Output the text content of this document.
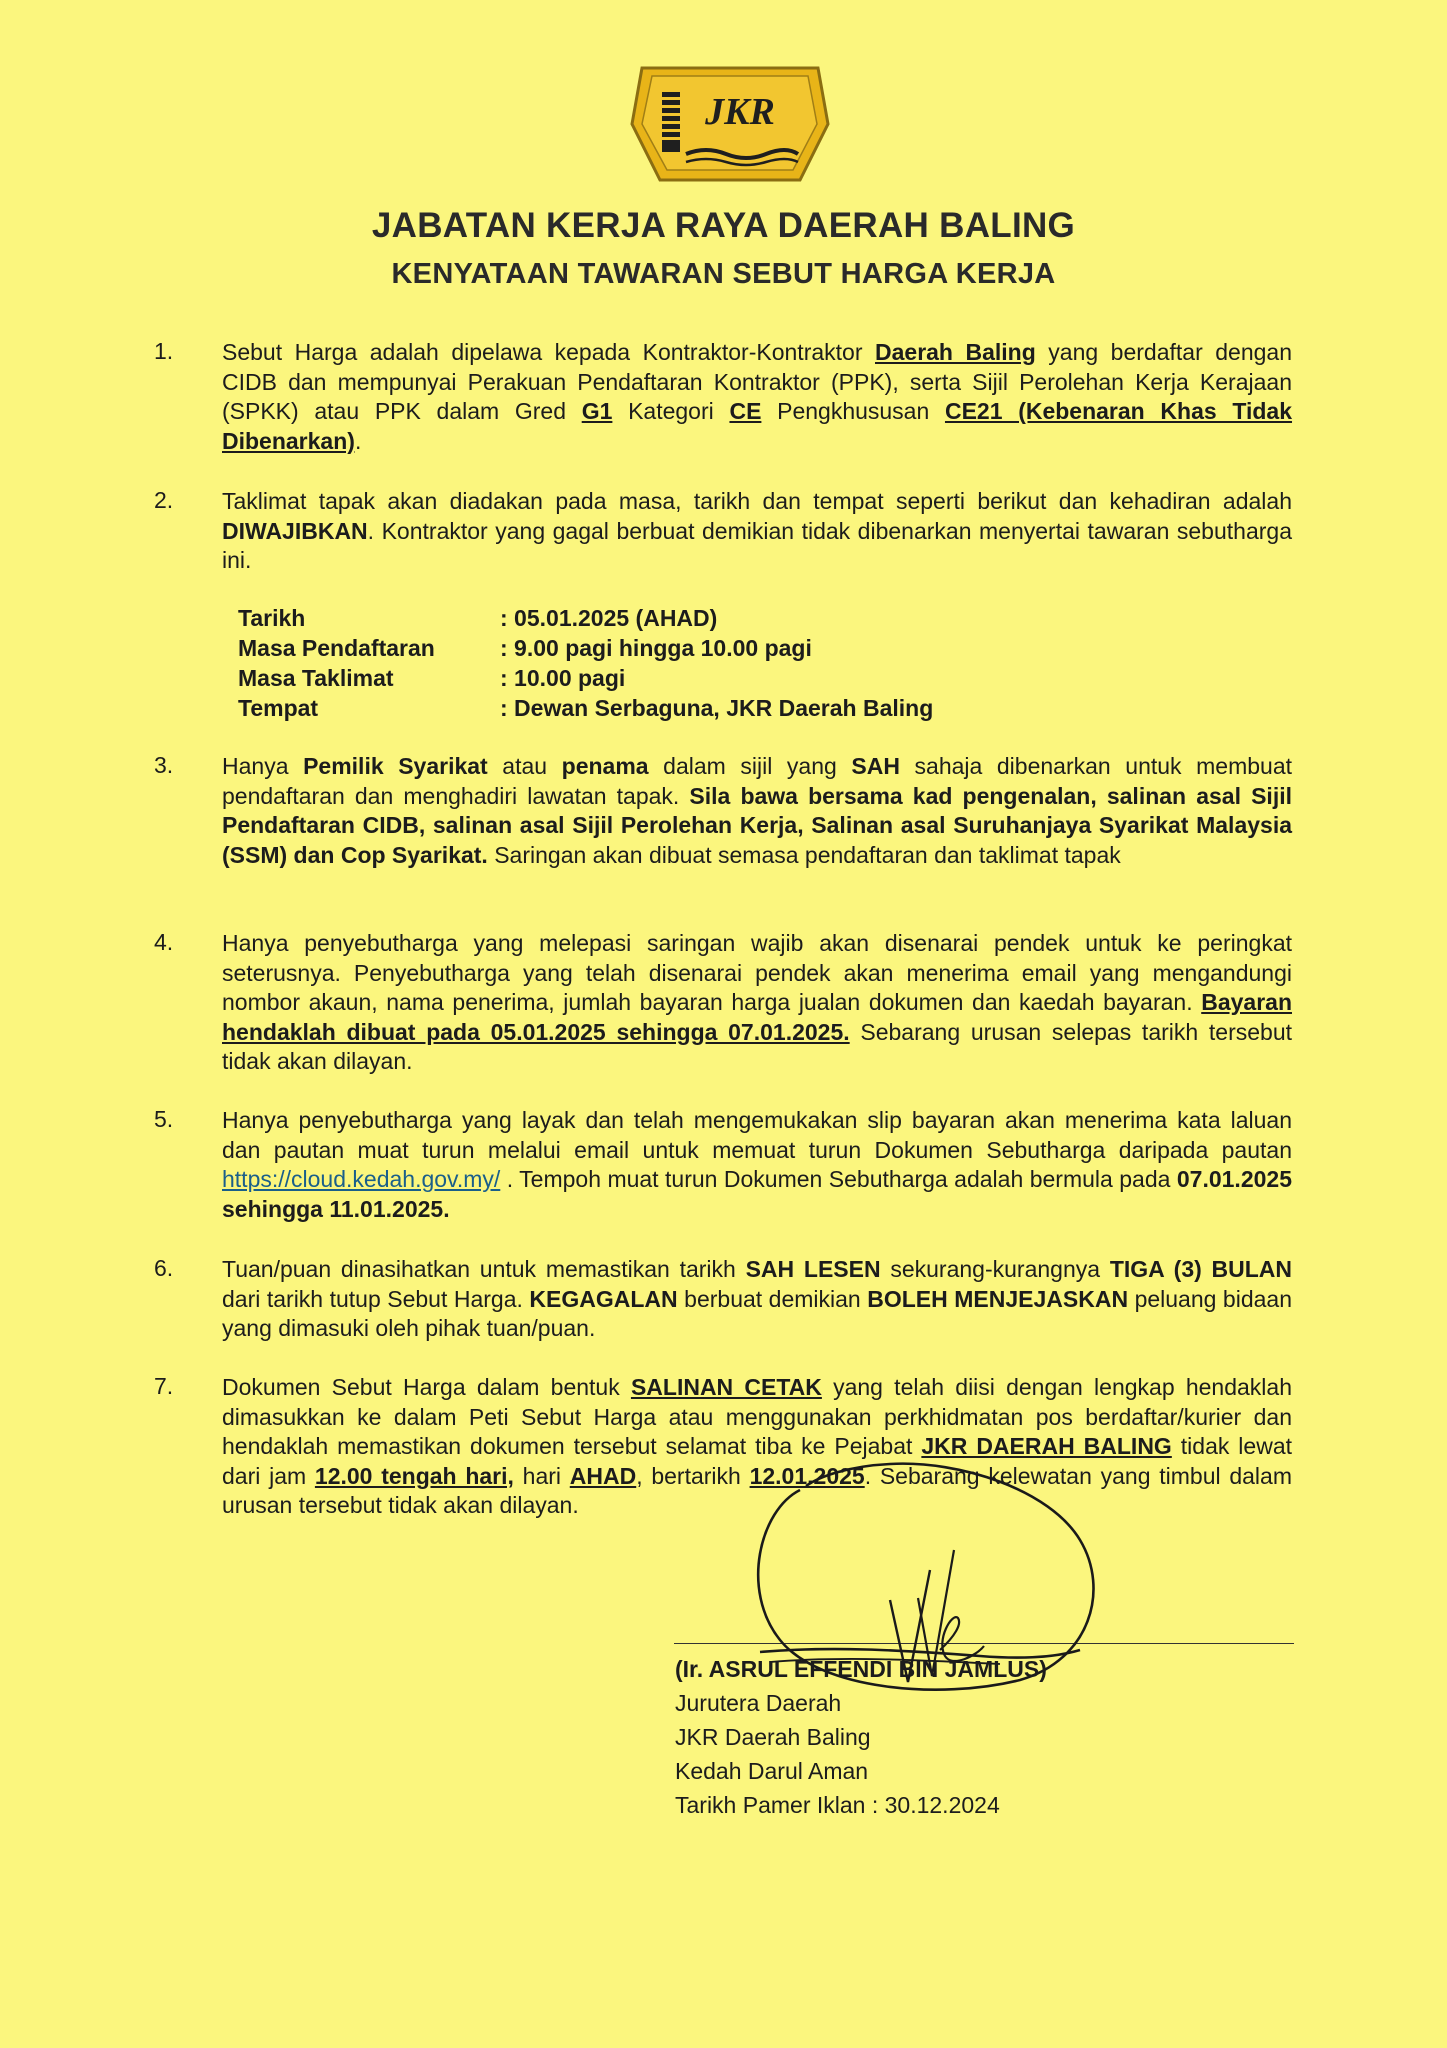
JKR
JABATAN KERJA RAYA DAERAH BALING
KENYATAAN TAWARAN SEBUT HARGA KERJA
1. Sebut Harga adalah dipelawa kepada Kontraktor-Kontraktor Daerah Baling yang berdaftar dengan CIDB dan mempunyai Perakuan Pendaftaran Kontraktor (PPK), serta Sijil Perolehan Kerja Kerajaan (SPKK) atau PPK dalam Gred G1 Kategori CE Pengkhususan CE21 (Kebenaran Khas Tidak Dibenarkan).
2. Taklimat tapak akan diadakan pada masa, tarikh dan tempat seperti berikut dan kehadiran adalah DIWAJIBKAN. Kontraktor yang gagal berbuat demikian tidak dibenarkan menyertai tawaran sebutharga ini.
Tarikh	: 05.01.2025 (AHAD)
Masa Pendaftaran	: 9.00 pagi hingga 10.00 pagi
Masa Taklimat	: 10.00 pagi
Tempat	: Dewan Serbaguna, JKR Daerah Baling
3. Hanya Pemilik Syarikat atau penama dalam sijil yang SAH sahaja dibenarkan untuk membuat pendaftaran dan menghadiri lawatan tapak. Sila bawa bersama kad pengenalan, salinan asal Sijil Pendaftaran CIDB, salinan asal Sijil Perolehan Kerja, Salinan asal Suruhanjaya Syarikat Malaysia (SSM) dan Cop Syarikat. Saringan akan dibuat semasa pendaftaran dan taklimat tapak
4. Hanya penyebutharga yang melepasi saringan wajib akan disenarai pendek untuk ke peringkat seterusnya. Penyebutharga yang telah disenarai pendek akan menerima email yang mengandungi nombor akaun, nama penerima, jumlah bayaran harga jualan dokumen dan kaedah bayaran. Bayaran hendaklah dibuat pada 05.01.2025 sehingga 07.01.2025. Sebarang urusan selepas tarikh tersebut tidak akan dilayan.
5. Hanya penyebutharga yang layak dan telah mengemukakan slip bayaran akan menerima kata laluan dan pautan muat turun melalui email untuk memuat turun Dokumen Sebutharga daripada pautan https://cloud.kedah.gov.my/ . Tempoh muat turun Dokumen Sebutharga adalah bermula pada 07.01.2025 sehingga 11.01.2025.
6. Tuan/puan dinasihatkan untuk memastikan tarikh SAH LESEN sekurang-kurangnya TIGA (3) BULAN dari tarikh tutup Sebut Harga. KEGAGALAN berbuat demikian BOLEH MENJEJASKAN peluang bidaan yang dimasuki oleh pihak tuan/puan.
7. Dokumen Sebut Harga dalam bentuk SALINAN CETAK yang telah diisi dengan lengkap hendaklah dimasukkan ke dalam Peti Sebut Harga atau menggunakan perkhidmatan pos berdaftar/kurier dan hendaklah memastikan dokumen tersebut selamat tiba ke Pejabat JKR DAERAH BALING tidak lewat dari jam 12.00 tengah hari, hari AHAD, bertarikh 12.01.2025. Sebarang kelewatan yang timbul dalam urusan tersebut tidak akan dilayan.
(Ir. ASRUL EFFENDI BIN JAMLUS)
Jurutera Daerah
JKR Daerah Baling
Kedah Darul Aman
Tarikh Pamer Iklan : 30.12.2024
